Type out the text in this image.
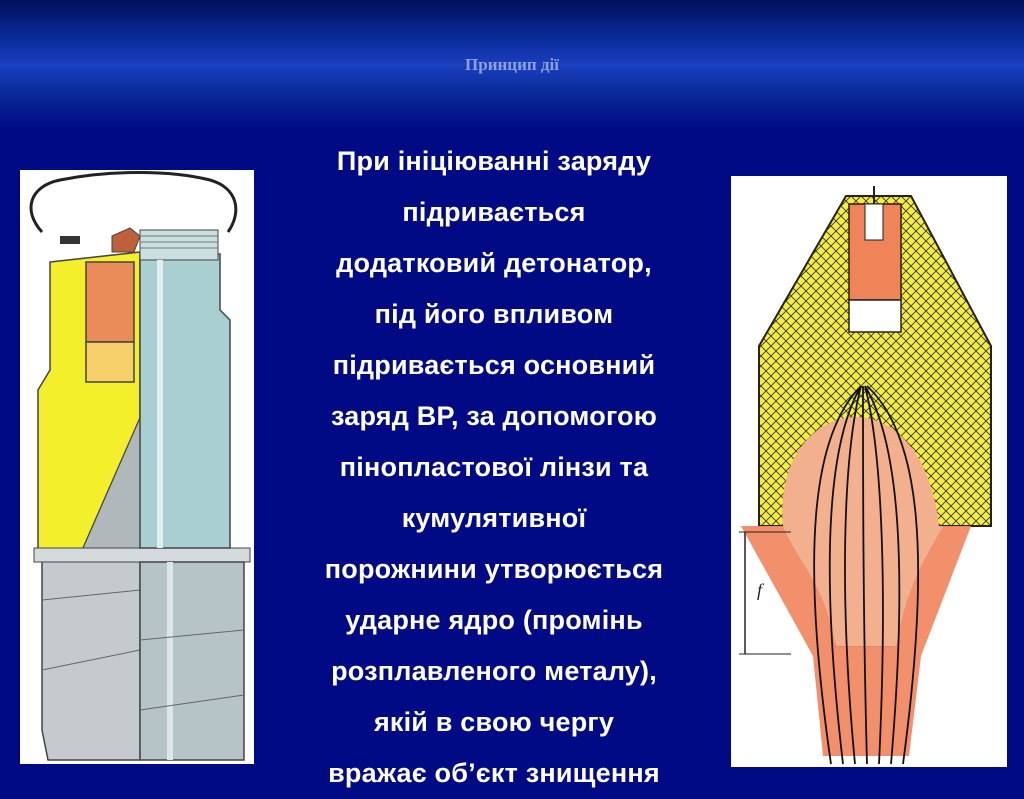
Принцип дії
При ініціюванні заряду
підривається
додатковий детонатор,
під його впливом
підривається основний
заряд ВР, за допомогою
пінопластової лінзи та
кумулятивної
порожнини утворюється
ударне ядро (промінь
розплавленого металу),
якій в свою чергу
вражає об’єкт знищення
f
